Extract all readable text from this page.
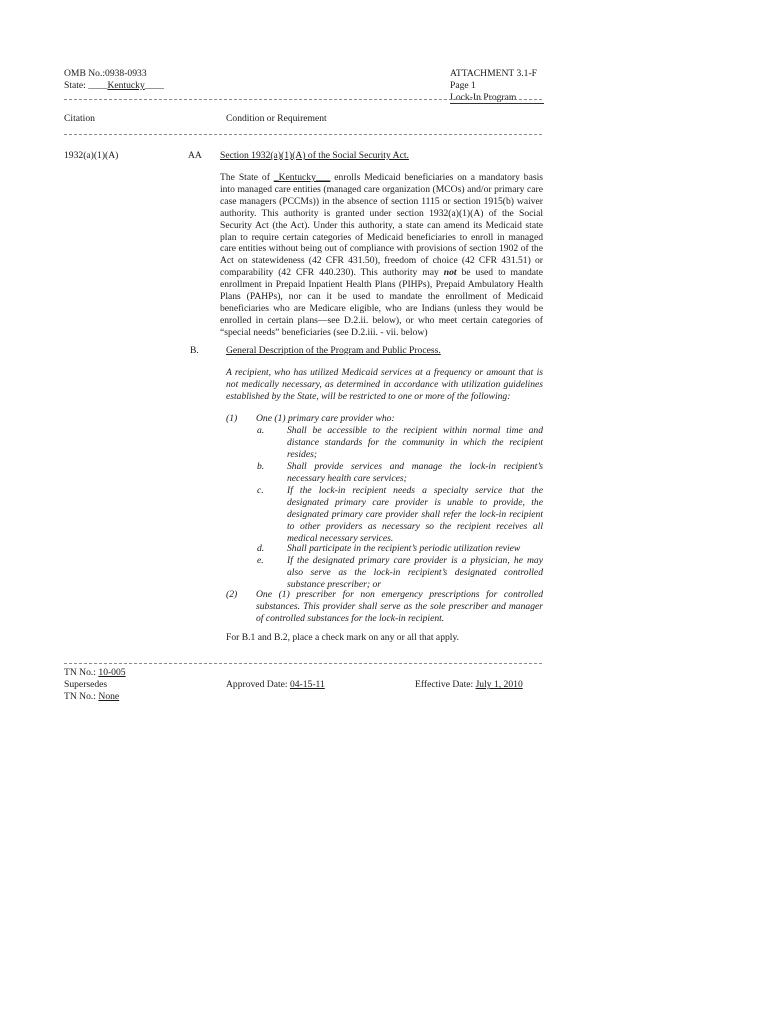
OMB No.:0938-0933
State: ____Kentucky____
ATTACHMENT 3.1-F
Page 1
Lock-In Program
Citation	Condition or Requirement
1932(a)(1)(A)	AA Section 1932(a)(1)(A) of the Social Security Act.
The State of _Kentucky___ enrolls Medicaid beneficiaries on a mandatory basis into managed care entities (managed care organization (MCOs) and/or primary care case managers (PCCMs)) in the absence of section 1115 or section 1915(b) waiver authority. This authority is granted under section 1932(a)(1)(A) of the Social Security Act (the Act). Under this authority, a state can amend its Medicaid state plan to require certain categories of Medicaid beneficiaries to enroll in managed care entities without being out of compliance with provisions of section 1902 of the Act on statewideness (42 CFR 431.50), freedom of choice (42 CFR 431.51) or comparability (42 CFR 440.230). This authority may not be used to mandate enrollment in Prepaid Inpatient Health Plans (PIHPs), Prepaid Ambulatory Health Plans (PAHPs), nor can it be used to mandate the enrollment of Medicaid beneficiaries who are Medicare eligible, who are Indians (unless they would be enrolled in certain plans—see D.2.ii. below), or who meet certain categories of “special needs” beneficiaries (see D.2.iii. - vii. below)
B.	General Description of the Program and Public Process.
A recipient, who has utilized Medicaid services at a frequency or amount that is not medically necessary, as determined in accordance with utilization guidelines established by the State, will be restricted to one or more of the following:
(1) One (1) primary care provider who:
a. Shall be accessible to the recipient within normal time and distance standards for the community in which the recipient resides;
b. Shall provide services and manage the lock-in recipient’s necessary health care services;
c. If the lock-in recipient needs a specialty service that the designated primary care provider is unable to provide, the designated primary care provider shall refer the lock-in recipient to other providers as necessary so the recipient receives all medical necessary services.
d. Shall participate in the recipient’s periodic utilization review
e. If the designated primary care provider is a physician, he may also serve as the lock-in recipient’s designated controlled substance prescriber; or
(2) One (1) prescriber for non emergency prescriptions for controlled substances. This provider shall serve as the sole prescriber and manager of controlled substances for the lock-in recipient.
For B.1 and B.2, place a check mark on any or all that apply.
TN No.: 10-005
Supersedes
TN No.: None
Approved Date: 04-15-11	Effective Date: July 1, 2010
